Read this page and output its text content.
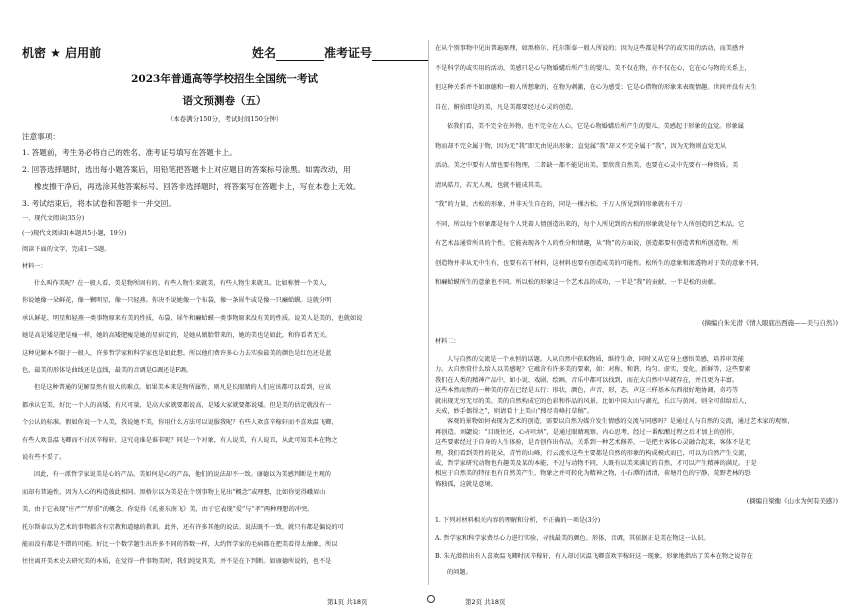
机密 ★ 启用前	姓名	准考证号
2023年普通高等学校招生全国统一考试
语文预测卷（五）
（本卷满分150分，考试时间150分钟）
注意事项：
1. 答题前，考生务必将自己的姓名、准考证号填写在答题卡上。
2. 回答选择题时，选出每小题答案后，用铅笔把答题卡上对应题目的答案标号涂黑。如需改动，用
橡皮擦干净后，再选涂其他答案标号。回答非选择题时，将答案写在答题卡上，写在本卷上无效。
3. 考试结束后，将本试卷和答题卡一并交回。
一、现代文阅读(35分)
(一)现代文阅读Ⅰ(本题共5小题，19分)
阅读下面的文字，完成1～5题。
材料一：
什么叫作美呢？在一般人看，美是物所固有的。有些人物生来就美，有些人物生来就丑。比如称赞一个美人，
你说她像一朵鲜花，像一颗明星，像一只轻燕。你决不说她像一个布袋，像一条犀牛或是像一只癞蛤蟆。这就分明
承认鲜花、明星和轻燕一类事物原来有美的性质，布袋、犀牛和癞蛤蟆一类事物原来没有美的性质。说美人是美的，也就如说
她是高是矮是肥是瘦一样，她的高矮肥瘦是她的星宿定的，是她从娘胎带来的，她的美也是如此，和你看者无关。
这种见解本不限于一般人，许多哲学家和科学家也是如此想。所以他们费许多心力去实验最美的颜色是红色还是蓝
色，最美的形体是曲线还是直线，最美的音调是G调还是F调。
但是这种普通的见解显然有很大的难点。如果美本来是物所属性，则凡是长眼睛的人们应该都可以看到，应该
都承认它美，好比一个人的高矮，有尺可量，是高大家就要都说高，是矮大家就要都说矮。但是美的估定就没有一
个公认的标准。假如你说一个人美，我说她不美，你用什么方法可以说服我呢？有些人欢喜辛稼轩而不喜欢温飞卿，
有些人欢喜温飞卿而不讨厌辛稼轩，这究竟谁是谁非呢？同是一个对象，有人说美，有人说丑，从此可知美本在物之
说有些不妥了。
因此，有一派哲学家说美是心的产品。美如何是心的产品，他们的说法却不一致。康德以为美感判断是主观的
而却有普遍性，因为人心的构造彼此相同。黑格尔以为美是在个别事物上见出“概念”或理想，比如你觉得峨眉山
美，由于它表现“庄严”“厚重”的概念。你觉得《孔雀东南飞》美，由于它表现“爱”与“孝”两种理想的冲突。
托尔斯泰以为艺术的事物都含有宗教和道德的教训。此外，还有许多其他的说法。说法既不一致，就只有都是偏说的可
能而没有都是不错的可能。好比一个数学题生出许多不同的答数一样，大约哲学家的毛病都在把美看得太抽象，所以
往往离开美术史去研究美的本质，在觉得一件事物美时，我们纯觉其美，并不是在下判断。如康德所说的，也不是
第1页 共18页
在从个别事物中见出普遍原理，如黑格尔、托尔斯泰一般人所说的；因为这些都是科学的或实用的活动，而美感并
不是科学的或实用的活动，美感只是心与物婚媾后所产生的婴儿。美不仅在物，亦不仅在心，它在心与物的关系上，
但这种关系并不如康德和一般人所想象的，在物为刺激，在心为感受；它是心借物的形象来表现情趣。世间并没有天生
自在、俯拾即是的美，凡是美都要经过心灵的创造。
依我们看，美不完全在外物，也不完全在人心，它是心物婚媾后所产生的婴儿。美感起于形象的直觉。形象属
物而却不完全属于物，因为无“我”即无由见出形象；直觉属“我”却又不完全属于“我”，因为无物则直觉无从
活动。美之中要有人情也要有物理，二者缺一都不能见出美。要欣赏自然美，也要在心灵中先要有一种资质。美
清风皓月，若无人观，也就不能成其美。
“我”的力量，古松的形象，并非天生自在的，同是一棵古松，千万人所见到的形象就有千万
不同，所以每个形象都是每个人凭着人情创造出来的，每个人所见到的古松的形象就是每个人所创造的艺术品，它
有艺术品通常所具的个性，它能表现各个人的性分和情趣，从“物”的方面说，创造都要有创造者和所创造物，所
创造物并非从无中生有，也要有若干材料，这材料也要有创造成美的可能性。松所生的意象和渗透物对于美的意象不同，
和癞蛤蟆所生的意象也不同。所以松的形象这一个艺术品的成功，一半是“我”的贡献，一半是松的贡献。
(摘编自朱光潜《情人眼底出西施——美与自然》)
材料二：
人与自然的交流是一个永恒的话题。人从自然中获取物质，维持生命，同时又从它身上感悟美感，培养审美能
力。大自然赏什么给人以美感呢？它蕴含有许多美的要素，如：对称、和谐、均匀、虚实、变化、新鲜等，这些要素
我们在人类的精神产品中，如小说、戏剧、绘画、音乐中都可以找到，而在大自然中早就存在，并且更为丰富。
这些本然而然的一种美的存在已经是五行：形状，颜色，声音，形，态，声这三样基本东西很好地协调，奇巧等
就出现无穷无尽的美。美的自然构成它的色彩和作品的风景，比如中国大山与湖光，长江与黄河，则全可供给后人，
天成，妙手偶得之”，则请看十上美山“搜尽奇峰打草稿”。
客观的景物如何表现为艺术的创造，需要以自然为媒介发生情感的交流与同感吗？是通过人与自然的交流，通过艺术家的观察，
再创造。刘勰说：“目既往还，心亦吐纳”，是通过眼睛观察，内心思考，经过一番酝酿过程之后才加上的创作，
这些要素经过于自身的人生体验，是否创作出作品，关系到一种艺术修养，一是把主客体心灵融合起来，客体不是无
理，我们看到美性的花朵，青竹的山峰，行云流水这些主要都是自然的形象的构成模式而已，可以为自然产生交流，
或，哲学家研究动物也有趣美及某的本能，不过与动物不同，人既有以美来满足的自然，才可以产生精神的满足。于是
相应于自然美的特征也有自然美产生，物象之并可转化为精神之物，小石潭的清清，荷塘月色的宁静，荒野老林的恐
怖独孤，这就是意境。
(摘编自梁衡《山水为何有美感》)
1. 下列对材料相关内容的理解和分析，不正确的一项是(3分)
A. 哲学家和科学家费尽心力进行实验，寻找最美的颜色、形体、音调，其依据正是美在物这一认识。
B. 朱光潜指出有人喜欢温飞卿时厌辛稼轩，有人却讨厌温飞卿喜欢辛稼轩这一现象，形象地指出了美本在物之说存在
的问题。
第2页 共18页
